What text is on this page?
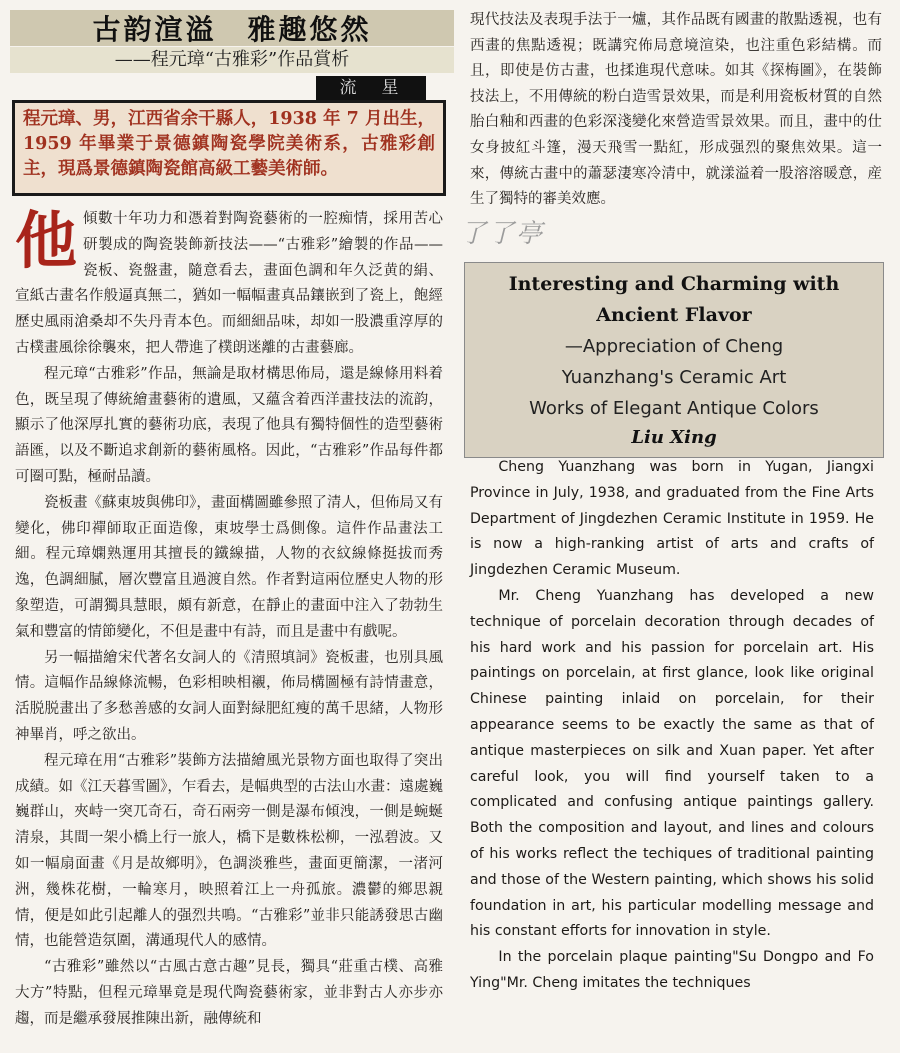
古韵渲溢　雅趣悠然
——程元璋“古雅彩”作品賞析
流　星
程元璋、男，江西省余干縣人，1938 年 7 月出生， 1959 年畢業于景德鎮陶瓷學院美術系，古雅彩創主，現爲景德鎮陶瓷館高級工藝美術師。

他傾數十年功力和憑着對陶瓷藝術的一腔痴情，採用苦心研製成的陶瓷裝飾新技法——“古雅彩”繪製的作品——瓷板、瓷盤畫，隨意看去，畫面色調和年久泛黄的絹、宣紙古畫名作般逼真無二，猶如一幅幅畫真品鑲嵌到了瓷上，飽經歷史風雨滄桑却不失丹青本色。而細細品味，却如一股濃重淳厚的古樸畫風徐徐襲來，把人帶進了樸朗迷離的古畫藝廊。

程元璋“古雅彩”作品，無論是取材構思佈局，還是線條用料着色，既呈現了傳統繪畫藝術的遺風，又蘊含着西洋畫技法的流韵，顯示了他深厚扎實的藝術功底，表現了他具有獨特個性的造型藝術語匯，以及不斷追求創新的藝術風格。因此，“古雅彩”作品每件都可圈可點，極耐品讀。

瓷板畫《蘇東坡與佛印》，畫面構圖雖參照了清人，但佈局又有變化，佛印禪師取正面造像，東坡學士爲側像。這件作品畫法工細。程元璋嫻熟運用其擅長的鐵線描，人物的衣紋線條挺拔而秀逸，色調細膩，層次豐富且過渡自然。作者對這兩位歷史人物的形象塑造，可謂獨具慧眼，頗有新意，在靜止的畫面中注入了勃勃生氣和豐富的情節變化，不但是畫中有詩，而且是畫中有戲呢。

另一幅描繪宋代著名女詞人的《清照填詞》瓷板畫，也別具風情。這幅作品線條流暢，色彩相映相襯，佈局構圖極有詩情畫意，活脱脱畫出了多愁善感的女詞人面對緑肥紅瘦的萬千思緒，人物形神畢肖，呼之欲出。

程元璋在用“古雅彩”裝飾方法描繪風光景物方面也取得了突出成績。如《江天暮雪圖》，乍看去，是幅典型的古法山水畫：遠處巍巍群山，夾峙一突兀奇石，奇石兩旁一側是瀑布傾洩，一側是蜿蜒清泉，其間一架小橋上行一旅人，橋下是數株松柳，一泓碧波。又如一幅扇面畫《月是故鄉明》，色調淡雅些，畫面更簡潔，一渚河洲，幾株花樹，一輪寒月，映照着江上一舟孤旅。濃鬱的鄉思親情，便是如此引起離人的强烈共鳴。“古雅彩”並非只能誘發思古幽情，也能營造氛圍，溝通現代人的感情。

“古雅彩”雖然以“古風古意古趣”見長，獨具“莊重古樸、高雅大方”特點，但程元璋畢竟是現代陶瓷藝術家，並非對古人亦步亦趨，而是繼承發展推陳出新，融傳統和

現代技法及表現手法于一爐，其作品既有國畫的散點透視，也有西畫的焦點透視；既講究佈局意境渲染，也注重色彩結構。而且，即使是仿古畫，也揉進現代意味。如其《探梅圖》，在裝飾技法上，不用傳統的粉白造雪景效果，而是利用瓷板材質的自然胎白釉和西畫的色彩深淺變化來營造雪景效果。而且，畫中的仕女身披紅斗篷，漫天飛雪一點紅，形成强烈的聚焦效果。這一來，傳統古畫中的蕭瑟淒寒冷清中，就漾溢着一股溶溶暖意，産生了獨特的審美效應。

了了亭
Interesting and Charming with
Ancient Flavor
—Appreciation of Cheng
Yuanzhang's Ceramic Art
Works of Elegant Antique Colors
Liu Xing

Cheng Yuanzhang was born in Yugan, Jiangxi Province in July, 1938, and graduated from the Fine Arts Department of Jingdezhen Ceramic Institute in 1959. He is now a high-ranking artist of arts and crafts of Jingdezhen Ceramic Museum.

Mr. Cheng Yuanzhang has developed a new technique of porcelain decoration through decades of his hard work and his passion for porcelain art. His paintings on porcelain, at first glance, look like original Chinese painting inlaid on porcelain, for their appearance seems to be exactly the same as that of antique masterpieces on silk and Xuan paper. Yet after careful look, you will find yourself taken to a complicated and confusing antique paintings gallery. Both the composition and layout, and lines and colours of his works reflect the techiques of traditional painting and those of the Western painting, which shows his solid foundation in art, his particular modelling message and his constant efforts for innovation in style.

In the porcelain plaque painting"Su Dongpo and Fo Ying"Mr. Cheng imitates the techniques
